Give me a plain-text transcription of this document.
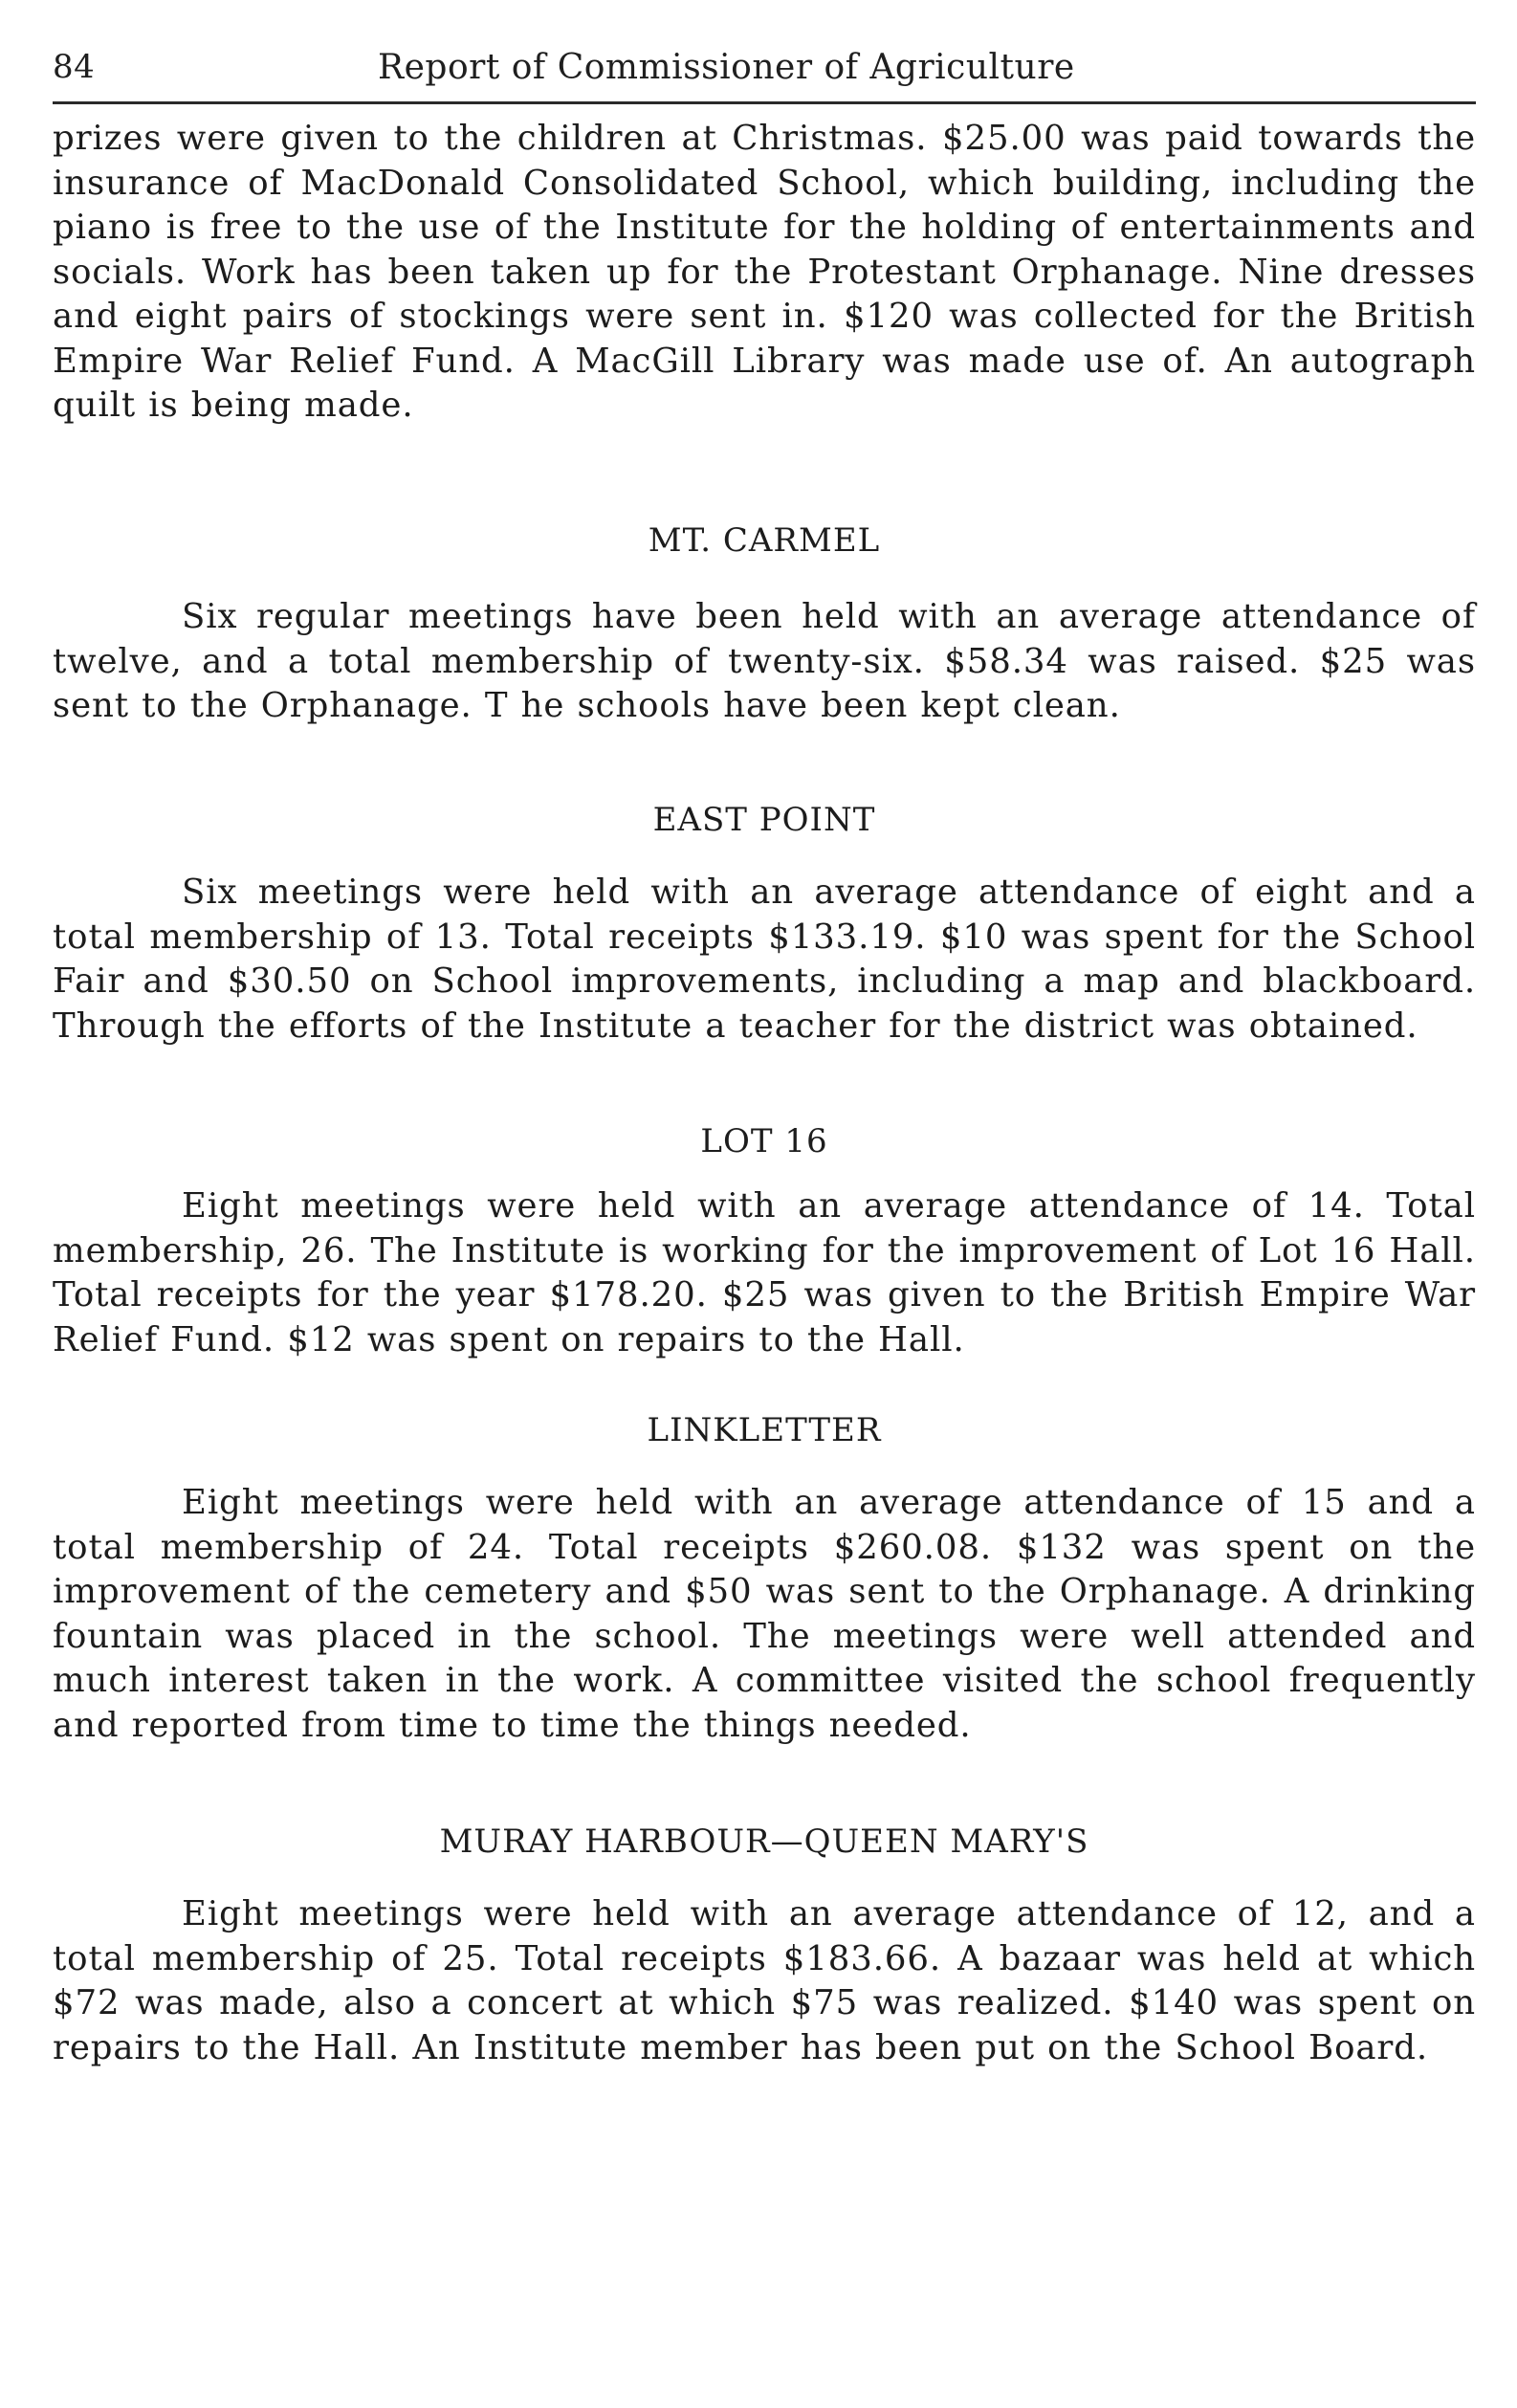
84	Report of Commissioner of Agriculture

prizes were given to the children at Christmas. $25.00 was paid towards the insurance of MacDonald Consolidated School, which building, including the piano is free to the use of the Institute for the holding of entertainments and socials. Work has been taken up for the Protestant Orphanage. Nine dresses and eight pairs of stockings were sent in. $120 was collected for the British Empire War Relief Fund. A MacGill Library was made use of. An autograph quilt is being made.

MT. CARMEL

Six regular meetings have been held with an average attendance of twelve, and a total membership of twenty-six. $58.34 was raised. $25 was sent to the Orphanage. T he schools have been kept clean.

EAST POINT

Six meetings were held with an average attendance of eight and a total membership of 13. Total receipts $133.19. $10 was spent for the School Fair and $30.50 on School improvements, including a map and blackboard. Through the efforts of the Institute a teacher for the district was obtained.

LOT 16

Eight meetings were held with an average attendance of 14. Total membership, 26. The Institute is working for the improvement of Lot 16 Hall. Total receipts for the year $178.20. $25 was given to the British Empire War Relief Fund. $12 was spent on repairs to the Hall.

LINKLETTER

Eight meetings were held with an average attendance of 15 and a total membership of 24. Total receipts $260.08. $132 was spent on the improvement of the cemetery and $50 was sent to the Orphanage. A drinking fountain was placed in the school. The meetings were well attended and much interest taken in the work. A committee visited the school frequently and reported from time to time the things needed.

MURAY HARBOUR—QUEEN MARY'S

Eight meetings were held with an average attendance of 12, and a total membership of 25. Total receipts $183.66. A bazaar was held at which $72 was made, also a concert at which $75 was realized. $140 was spent on repairs to the Hall. An Institute member has been put on the School Board.
